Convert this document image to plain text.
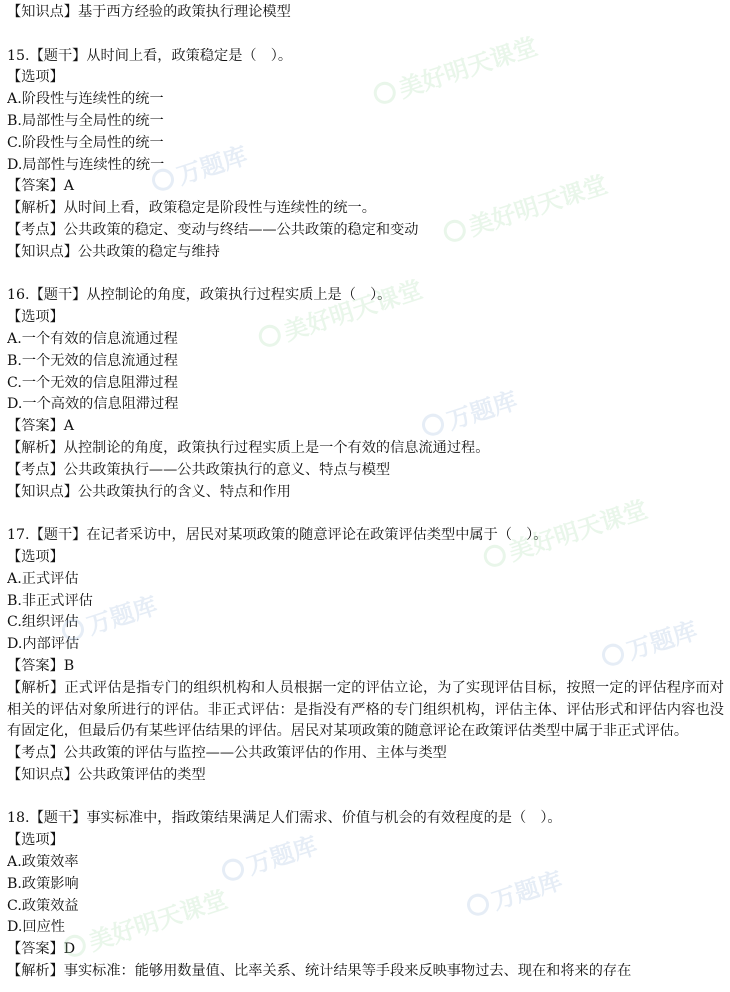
【知识点】基于西方经验的政策执行理论模型
15.【题干】从时间上看，政策稳定是（　）。
【选项】
A.阶段性与连续性的统一
B.局部性与全局性的统一
C.阶段性与全局性的统一
D.局部性与连续性的统一
【答案】A
【解析】从时间上看，政策稳定是阶段性与连续性的统一。
【考点】公共政策的稳定、变动与终结——公共政策的稳定和变动
【知识点】公共政策的稳定与维持
16.【题干】从控制论的角度，政策执行过程实质上是（　）。
【选项】
A.一个有效的信息流通过程
B.一个无效的信息流通过程
C.一个无效的信息阻滞过程
D.一个高效的信息阻滞过程
【答案】A
【解析】从控制论的角度，政策执行过程实质上是一个有效的信息流通过程。
【考点】公共政策执行——公共政策执行的意义、特点与模型
【知识点】公共政策执行的含义、特点和作用
17.【题干】在记者采访中，居民对某项政策的随意评论在政策评估类型中属于（　）。
【选项】
A.正式评估
B.非正式评估
C.组织评估
D.内部评估
【答案】B
【解析】正式评估是指专门的组织机构和人员根据一定的评估立论，为了实现评估目标，按照一定的评估程序而对相关的评估对象所进行的评估。非正式评估：是指没有严格的专门组织机构，评估主体、评估形式和评估内容也没有固定化，但最后仍有某些评估结果的评估。居民对某项政策的随意评论在政策评估类型中属于非正式评估。
【考点】公共政策的评估与监控——公共政策评估的作用、主体与类型
【知识点】公共政策评估的类型
18.【题干】事实标准中，指政策结果满足人们需求、价值与机会的有效程度的是（　）。
【选项】
A.政策效率
B.政策影响
C.政策效益
D.回应性
【答案】D
【解析】事实标准：能够用数量值、比率关系、统计结果等手段来反映事物过去、现在和将来的存在
美好明天课堂
万题库
美好明天课堂
美好明天课堂
万题库
美好明天课堂
万题库
万题库
万题库
万题库
美好明天课堂
